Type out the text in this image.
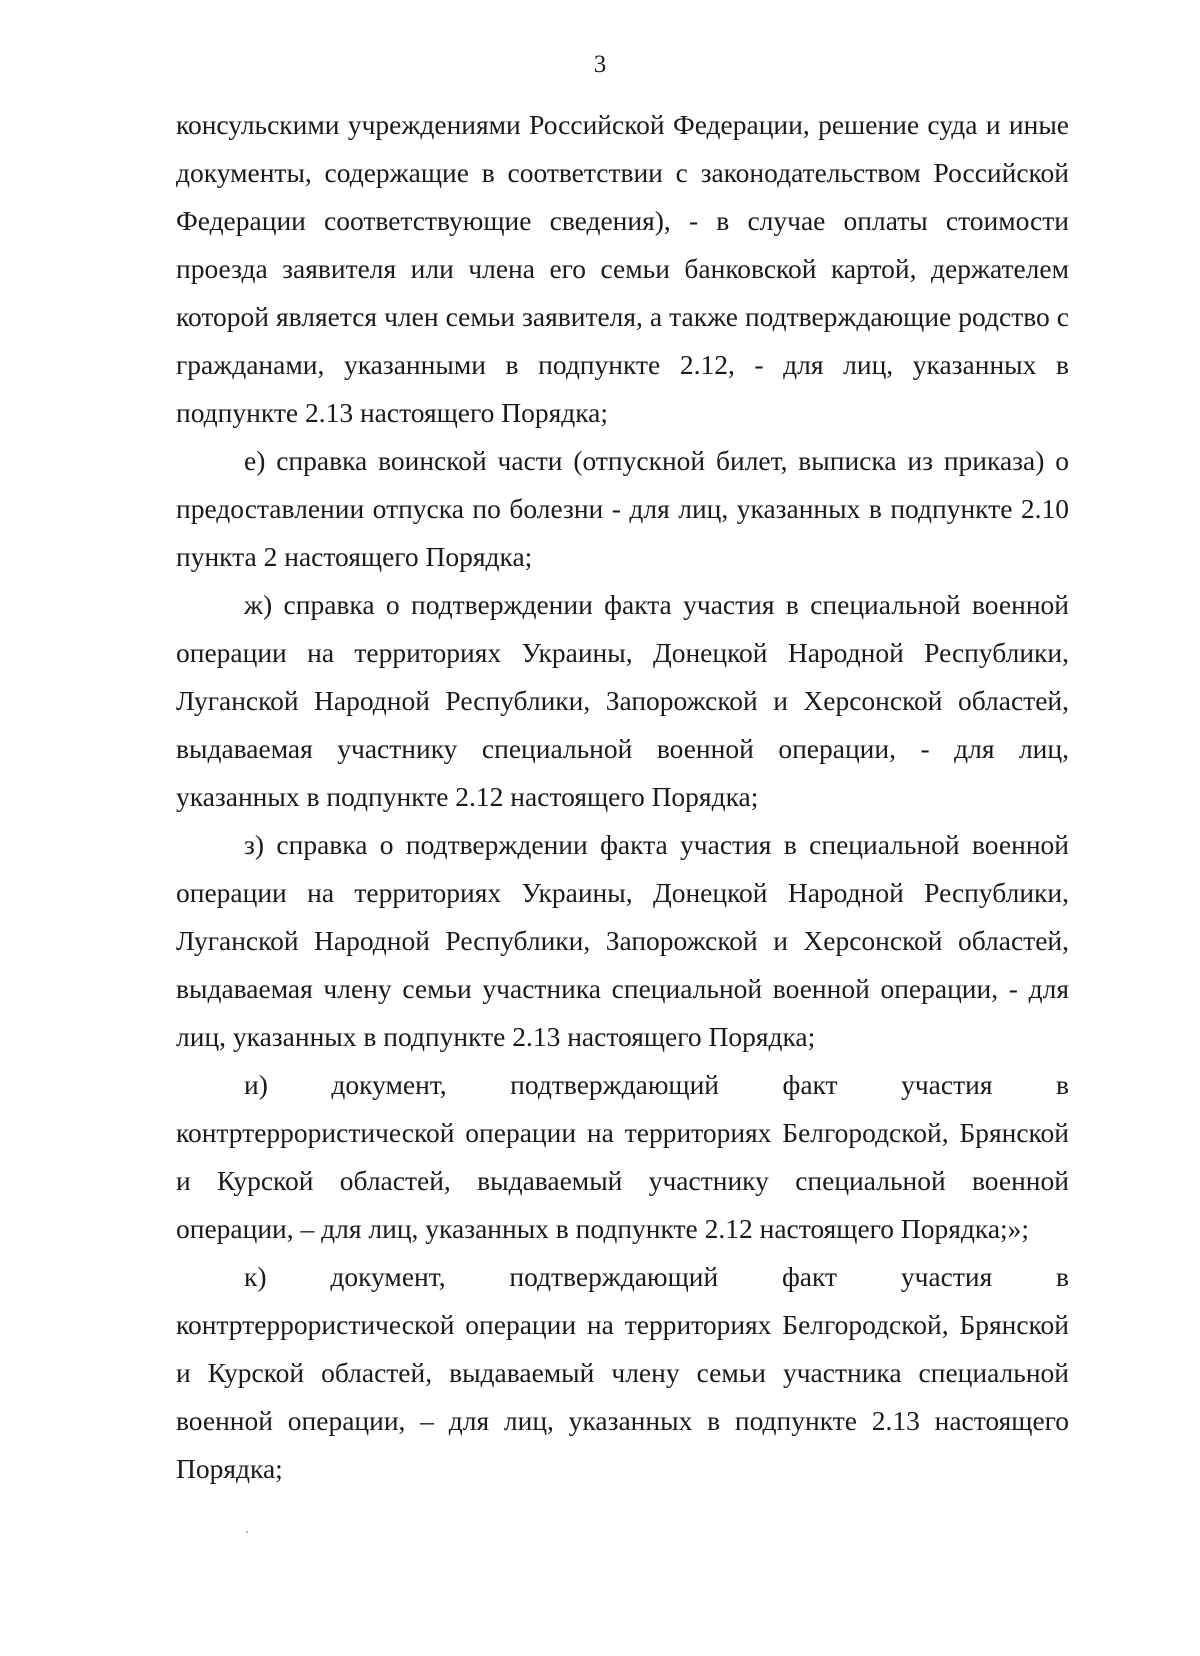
3

консульскими учреждениями Российской Федерации, решение суда и иные документы, содержащие в соответствии с законодательством Российской Федерации соответствующие сведения), - в случае оплаты стоимости проезда заявителя или члена его семьи банковской картой, держателем которой является член семьи заявителя, а также подтверждающие родство с гражданами, указанными в подпункте 2.12, - для лиц, указанных в подпункте 2.13 настоящего Порядка;

е) справка воинской части (отпускной билет, выписка из приказа) о предоставлении отпуска по болезни - для лиц, указанных в подпункте 2.10 пункта 2 настоящего Порядка;

ж) справка о подтверждении факта участия в специальной военной операции на территориях Украины, Донецкой Народной Республики, Луганской Народной Республики, Запорожской и Херсонской областей, выдаваемая участнику специальной военной операции, - для лиц, указанных в подпункте 2.12 настоящего Порядка;

з) справка о подтверждении факта участия в специальной военной операции на территориях Украины, Донецкой Народной Республики, Луганской Народной Республики, Запорожской и Херсонской областей, выдаваемая члену семьи участника специальной военной операции, - для лиц, указанных в подпункте 2.13 настоящего Порядка;

и) документ, подтверждающий факт участия в контртеррористической операции на территориях Белгородской, Брянской и Курской областей, выдаваемый участнику специальной военной операции, – для лиц, указанных в подпункте 2.12 настоящего Порядка;»;

к) документ, подтверждающий факт участия в контртеррористической операции на территориях Белгородской, Брянской и Курской областей, выдаваемый члену семьи участника специальной военной операции, – для лиц, указанных в подпункте 2.13 настоящего Порядка;
